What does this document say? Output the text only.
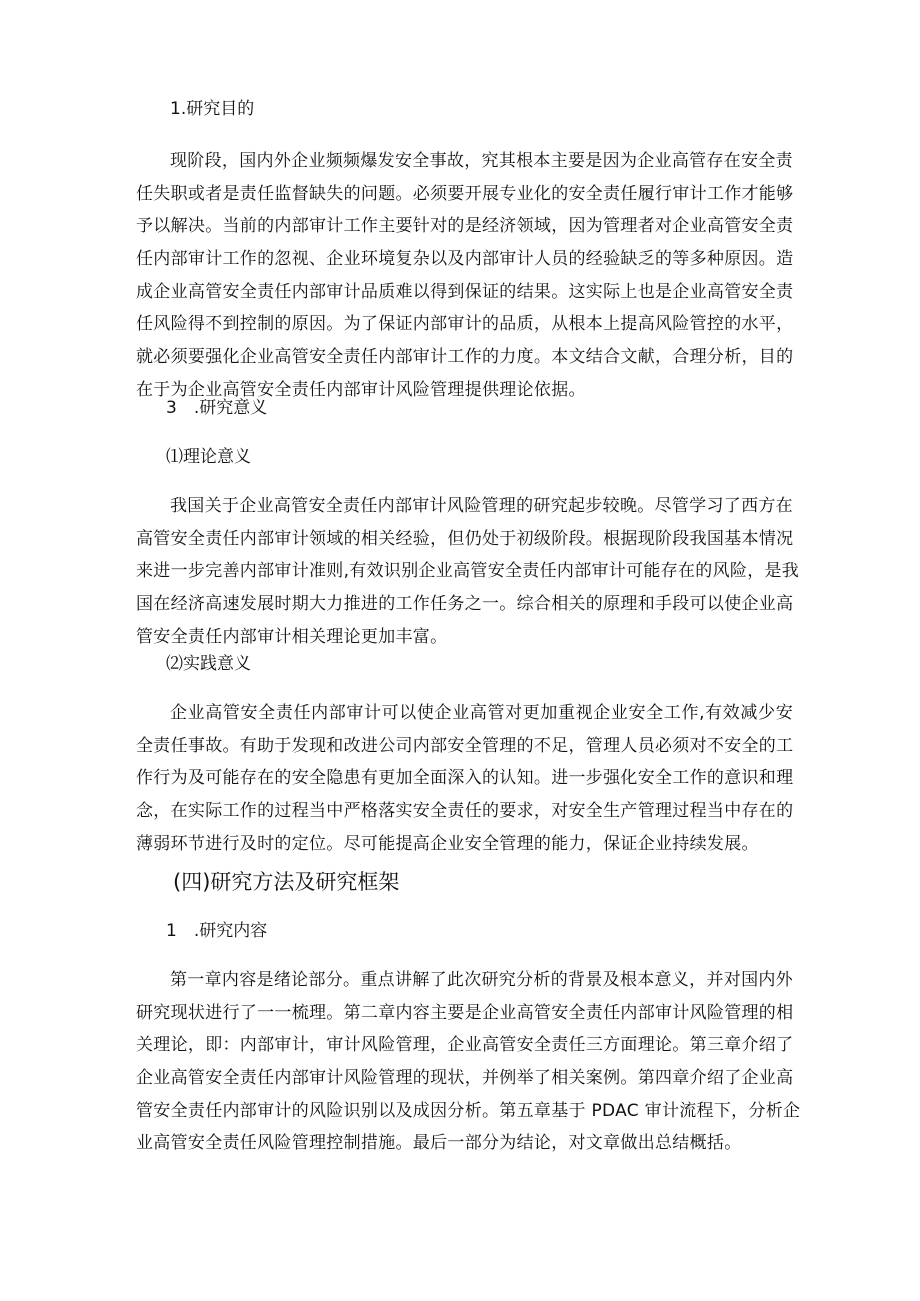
1.研究目的
现阶段，国内外企业频频爆发安全事故，究其根本主要是因为企业高管存在安全责
任失职或者是责任监督缺失的问题。必须要开展专业化的安全责任履行审计工作才能够
予以解决。当前的内部审计工作主要针对的是经济领域，因为管理者对企业高管安全责
任内部审计工作的忽视、企业环境复杂以及内部审计人员的经验缺乏的等多种原因。造
成企业高管安全责任内部审计品质难以得到保证的结果。这实际上也是企业高管安全责
任风险得不到控制的原因。为了保证内部审计的品质，从根本上提高风险管控的水平，
就必须要强化企业高管安全责任内部审计工作的力度。本文结合文献，合理分析，目的
在于为企业高管安全责任内部审计风险管理提供理论依据。
3　.研究意义
⑴理论意义
我国关于企业高管安全责任内部审计风险管理的研究起步较晚。尽管学习了西方在
高管安全责任内部审计领域的相关经验，但仍处于初级阶段。根据现阶段我国基本情况
来进一步完善内部审计准则,有效识别企业高管安全责任内部审计可能存在的风险，是我
国在经济高速发展时期大力推进的工作任务之一。综合相关的原理和手段可以使企业高
管安全责任内部审计相关理论更加丰富。
⑵实践意义
企业高管安全责任内部审计可以使企业高管对更加重视企业安全工作,有效减少安
全责任事故。有助于发现和改进公司内部安全管理的不足，管理人员必须对不安全的工
作行为及可能存在的安全隐患有更加全面深入的认知。进一步强化安全工作的意识和理
念，在实际工作的过程当中严格落实安全责任的要求，对安全生产管理过程当中存在的
薄弱环节进行及时的定位。尽可能提高企业安全管理的能力，保证企业持续发展。
(四)研究方法及研究框架
1　.研究内容
第一章内容是绪论部分。重点讲解了此次研究分析的背景及根本意义，并对国内外
研究现状进行了一一梳理。第二章内容主要是企业高管安全责任内部审计风险管理的相
关理论，即：内部审计，审计风险管理，企业高管安全责任三方面理论。第三章介绍了
企业高管安全责任内部审计风险管理的现状，并例举了相关案例。第四章介绍了企业高
管安全责任内部审计的风险识别以及成因分析。第五章基于 PDAC 审计流程下，分析企
业高管安全责任风险管理控制措施。最后一部分为结论，对文章做出总结概括。
